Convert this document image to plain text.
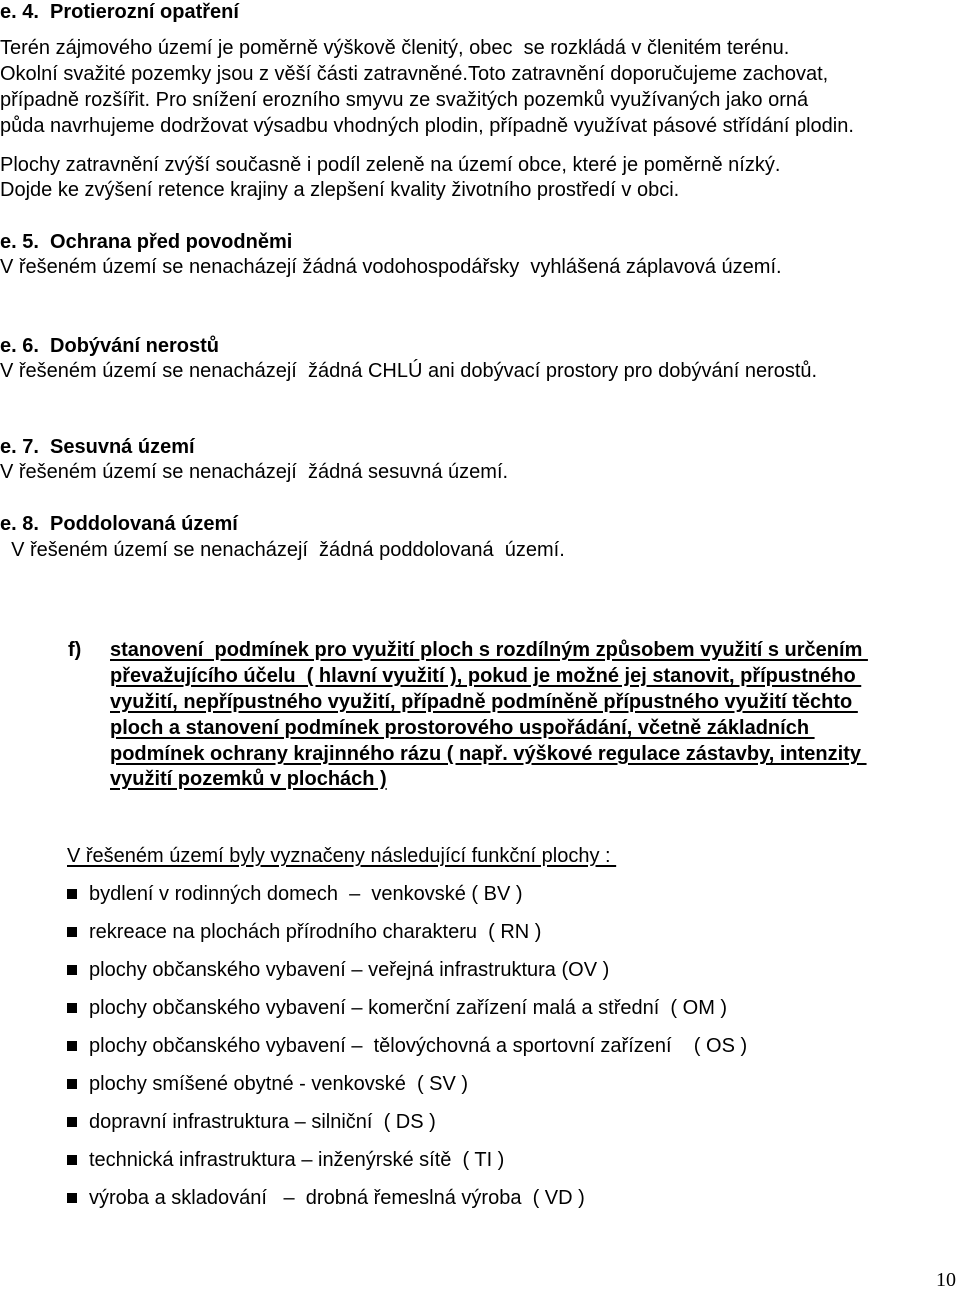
e. 4.  Protierozní opatření
Terén zájmového území je poměrně výškově členitý, obec  se rozkládá v členitém terénu.
Okolní svažité pozemky jsou z věší části zatravněné.Toto zatravnění doporučujeme zachovat,
případně rozšířit. Pro snížení erozního smyvu ze svažitých pozemků využívaných jako orná
půda navrhujeme dodržovat výsadbu vhodných plodin, případně využívat pásové střídání plodin.
Plochy zatravnění zvýší současně i podíl zeleně na území obce, které je poměrně nízký.
Dojde ke zvýšení retence krajiny a zlepšení kvality životního prostředí v obci.
e. 5.  Ochrana před povodněmi
V řešeném území se nenacházejí žádná vodohospodářsky  vyhlášená záplavová území.
e. 6.  Dobývání nerostů
V řešeném území se nenacházejí  žádná CHLÚ ani dobývací prostory pro dobývání nerostů.
e. 7.  Sesuvná území
V řešeném území se nenacházejí  žádná sesuvná území.
e. 8.  Poddolovaná území
V řešeném území se nenacházejí  žádná poddolovaná  území.
f) stanovení  podmínek pro využití ploch s rozdílným způsobem využití s určením
převažujícího účelu  ( hlavní využití ), pokud je možné jej stanovit, přípustného
využití, nepřípustného využití, případně podmíněně přípustného využití těchto
ploch a stanovení podmínek prostorového uspořádání, včetně základních
podmínek ochrany krajinného rázu ( např. výškové regulace zástavby, intenzity
využití pozemků v plochách )
V řešeném území byly vyznačeny následující funkční plochy :
bydlení v rodinných domech  –  venkovské ( BV )
rekreace na plochách přírodního charakteru  ( RN )
plochy občanského vybavení – veřejná infrastruktura (OV )
plochy občanského vybavení – komerční zařízení malá a střední  ( OM )
plochy občanského vybavení –  tělovýchovná a sportovní zařízení    ( OS )
plochy smíšené obytné - venkovské  ( SV )
dopravní infrastruktura – silniční  ( DS )
technická infrastruktura – inženýrské sítě  ( TI )
výroba a skladování   –  drobná řemeslná výroba  ( VD )
10
